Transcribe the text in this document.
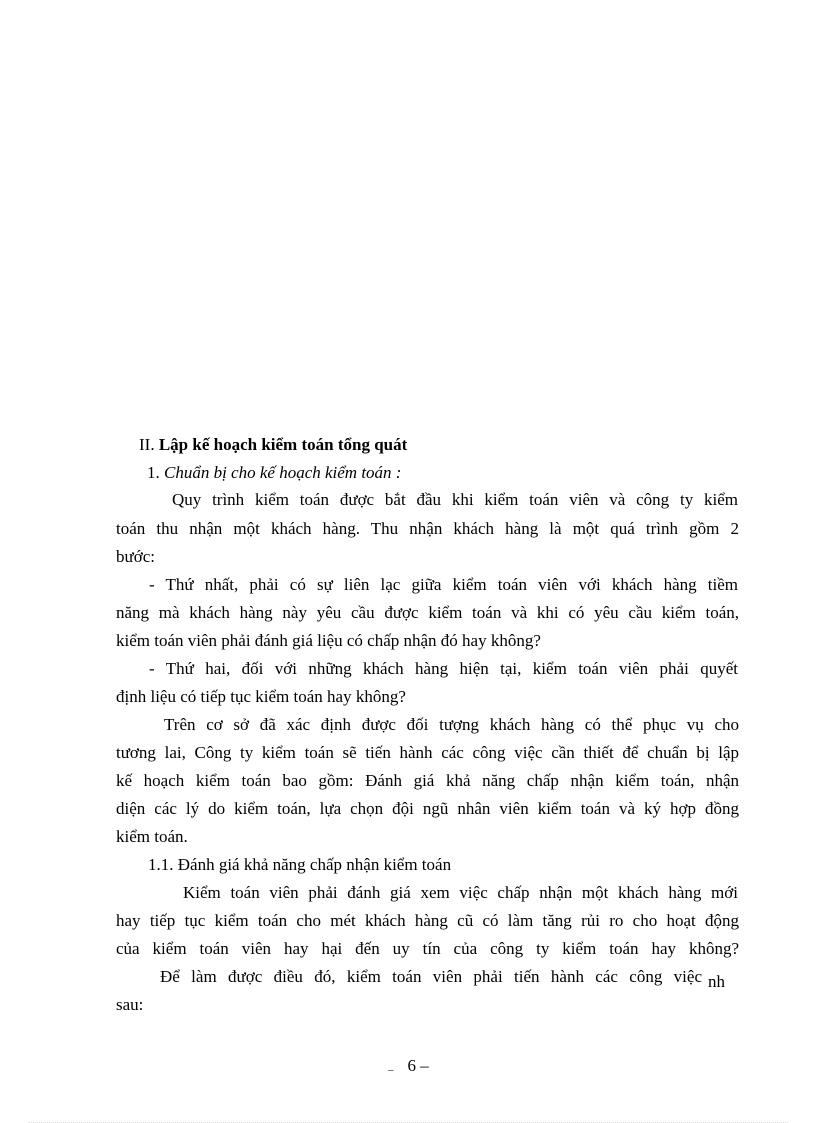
II. Lập kế hoạch kiểm toán tổng quát
1. Chuẩn bị cho kế hoạch kiểm toán :
Quy trình kiểm toán được bắt đầu khi kiểm toán viên và công ty kiểm
toán thu nhận một khách hàng. Thu nhận khách hàng là một quá trình gồm 2
bước:
- Thứ nhất, phải có sự liên lạc giữa kiểm toán viên với khách hàng tiềm
năng mà khách hàng này yêu cầu được kiểm toán và khi có yêu cầu kiểm toán,
kiểm toán viên phải đánh giá liệu có chấp nhận đó hay không?
- Thứ hai, đối với những khách hàng hiện tại, kiểm toán viên phải quyết
định liệu có tiếp tục kiểm toán hay không?
Trên cơ sở đã xác định được đối tượng khách hàng có thể phục vụ cho
tương lai, Công ty kiểm toán sẽ tiến hành các công việc cần thiết để chuẩn bị lập
kế hoạch kiểm toán bao gồm: Đánh giá khả năng chấp nhận kiểm toán, nhận
diện các lý do kiểm toán, lựa chọn đội ngũ nhân viên kiểm toán và ký hợp đồng
kiểm toán.
1.1. Đánh giá khả năng chấp nhận kiểm toán
Kiểm toán viên phải đánh giá xem việc chấp nhận một khách hàng mới
hay tiếp tục kiểm toán cho mét khách hàng cũ có làm tăng rủi ro cho hoạt động
của kiểm toán viên hay hại đến uy tín của công ty kiểm toán hay không?
Để làm được điều đó, kiểm toán viên phải tiến hành các công việc nh
sau:
– 6 –
